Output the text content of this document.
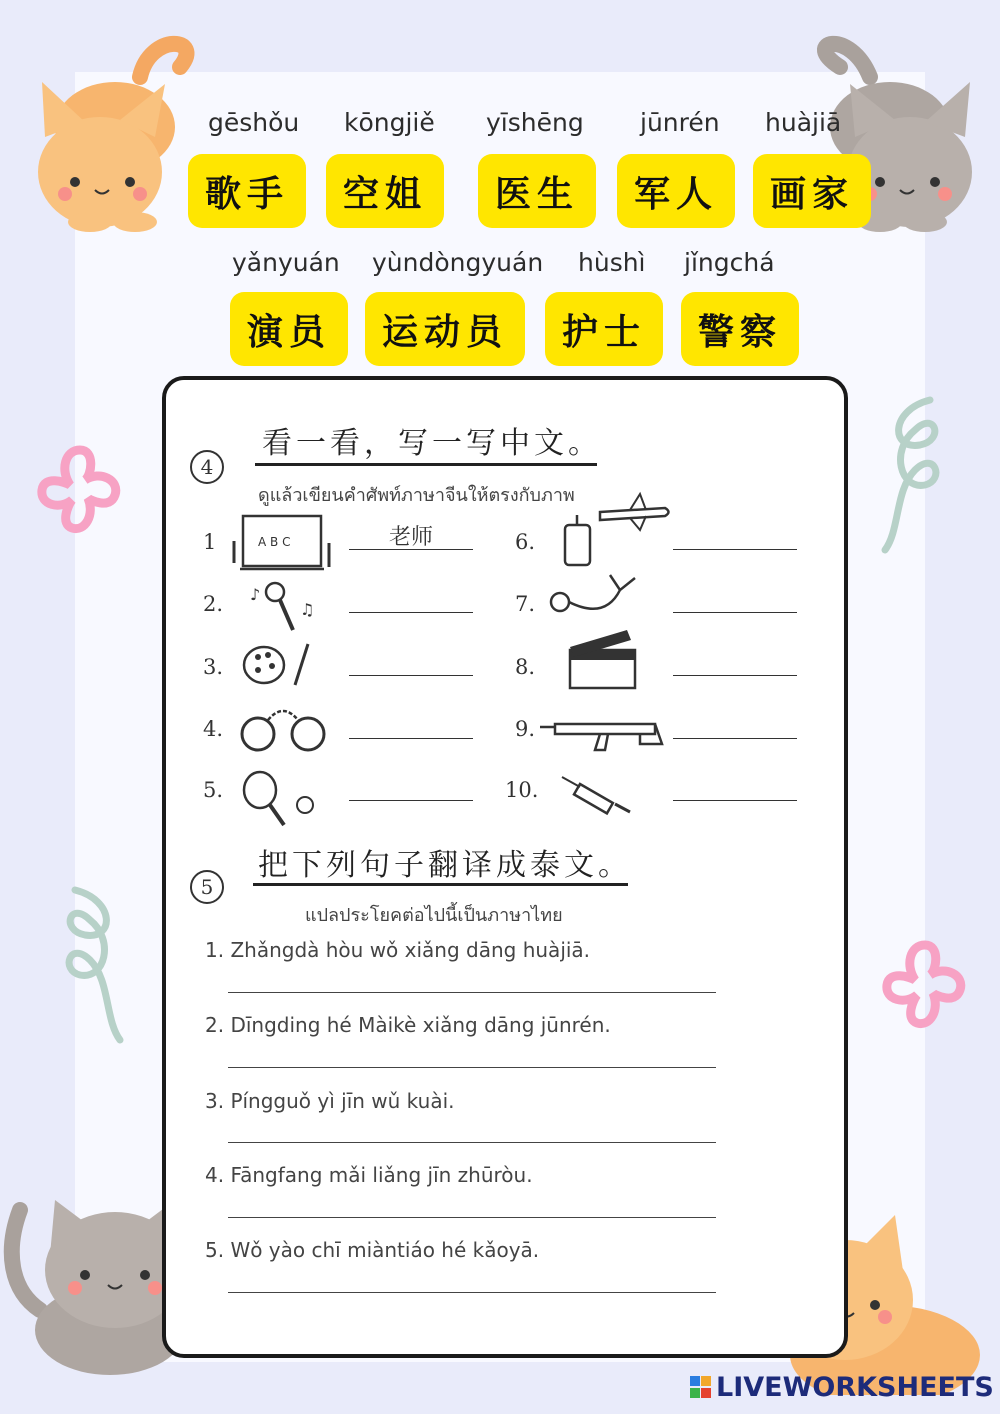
gēshǒu
歌手
kōngjiě
空姐
yīshēng
医生
jūnrén
军人
huàjiā
画家
yǎnyuán
演员
yùndòngyuán
运动员
hùshì
护士
jǐngchá
警察
4
看一看，写一写中文。
ดูแล้วเขียนคำศัพท์ภาษาจีนให้ตรงกับภาพ
1	A B C	老师
2. ♪
♫
3.
4.
5.
6.
7.
8.
9.
10.
把下列句子翻译成泰文。
5
แปลประโยคต่อไปนี้เป็นภาษาไทย
1. Zhǎngdà hòu wǒ xiǎng dāng huàjiā.
2. Dīngding hé Màikè xiǎng dāng jūnrén.
3. Píngguǒ yì jīn wǔ kuài.
4. Fāngfang mǎi liǎng jīn zhūròu.
5. Wǒ yào chī miàntiáo hé kǎoyā.
LIVEWORKSHEETS
